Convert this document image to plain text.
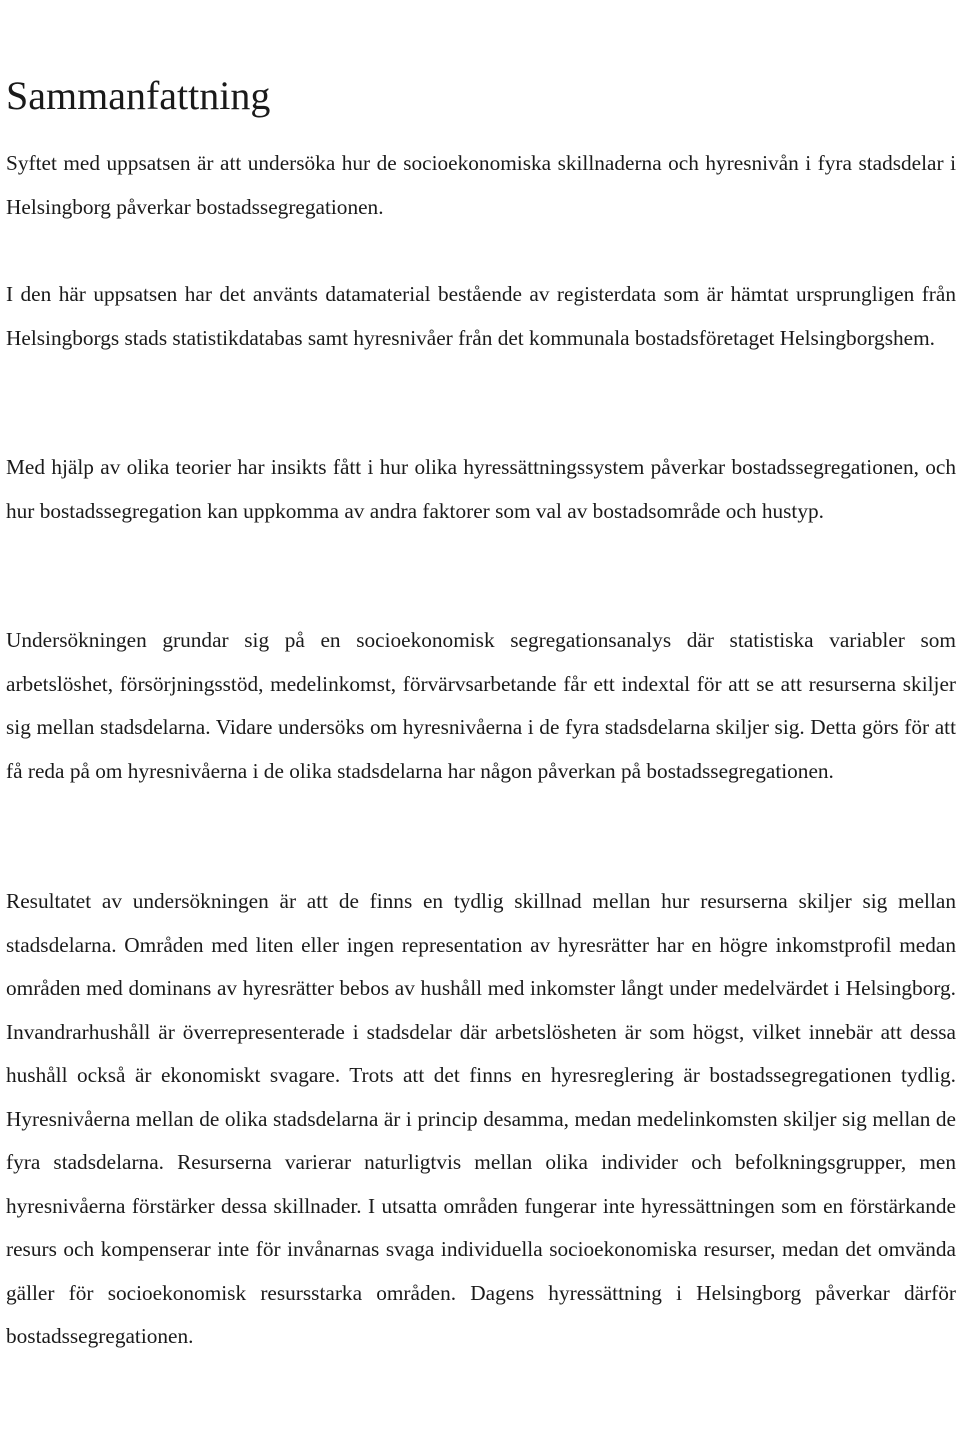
Sammanfattning

Syftet med uppsatsen är att undersöka hur de socioekonomiska skillnaderna och hyresnivån i fyra stadsdelar i Helsingborg påverkar bostadssegregationen.

I den här uppsatsen har det använts datamaterial bestående av registerdata som är hämtat ursprungligen från Helsingborgs stads statistikdatabas samt hyresnivåer från det kommunala bostadsföretaget Helsingborgshem.

Med hjälp av olika teorier har insikts fått i hur olika hyressättningssystem påverkar bostadssegregationen, och hur bostadssegregation kan uppkomma av andra faktorer som val av bostadsområde och hustyp.

Undersökningen grundar sig på en socioekonomisk segregationsanalys där statistiska variabler som arbetslöshet, försörjningsstöd, medelinkomst, förvärvsarbetande får ett indextal för att se att resurserna skiljer sig mellan stadsdelarna. Vidare undersöks om hyresnivåerna i de fyra stadsdelarna skiljer sig. Detta görs för att få reda på om hyresnivåerna i de olika stadsdelarna har någon påverkan på bostadssegregationen.

Resultatet av undersökningen är att de finns en tydlig skillnad mellan hur resurserna skiljer sig mellan stadsdelarna. Områden med liten eller ingen representation av hyresrätter har en högre inkomstprofil medan områden med dominans av hyresrätter bebos av hushåll med inkomster långt under medelvärdet i Helsingborg. Invandrarhushåll är överrepresenterade i stadsdelar där arbetslösheten är som högst, vilket innebär att dessa hushåll också är ekonomiskt svagare. Trots att det finns en hyresreglering är bostadssegregationen tydlig. Hyresnivåerna mellan de olika stadsdelarna är i princip desamma, medan medelinkomsten skiljer sig mellan de fyra stadsdelarna. Resurserna varierar naturligtvis mellan olika individer och befolkningsgrupper, men hyresnivåerna förstärker dessa skillnader. I utsatta områden fungerar inte hyressättningen som en förstärkande resurs och kompenserar inte för invånarnas svaga individuella socioekonomiska resurser, medan det omvända gäller för socioekonomisk resursstarka områden. Dagens hyressättning i Helsingborg påverkar därför bostadssegregationen.
